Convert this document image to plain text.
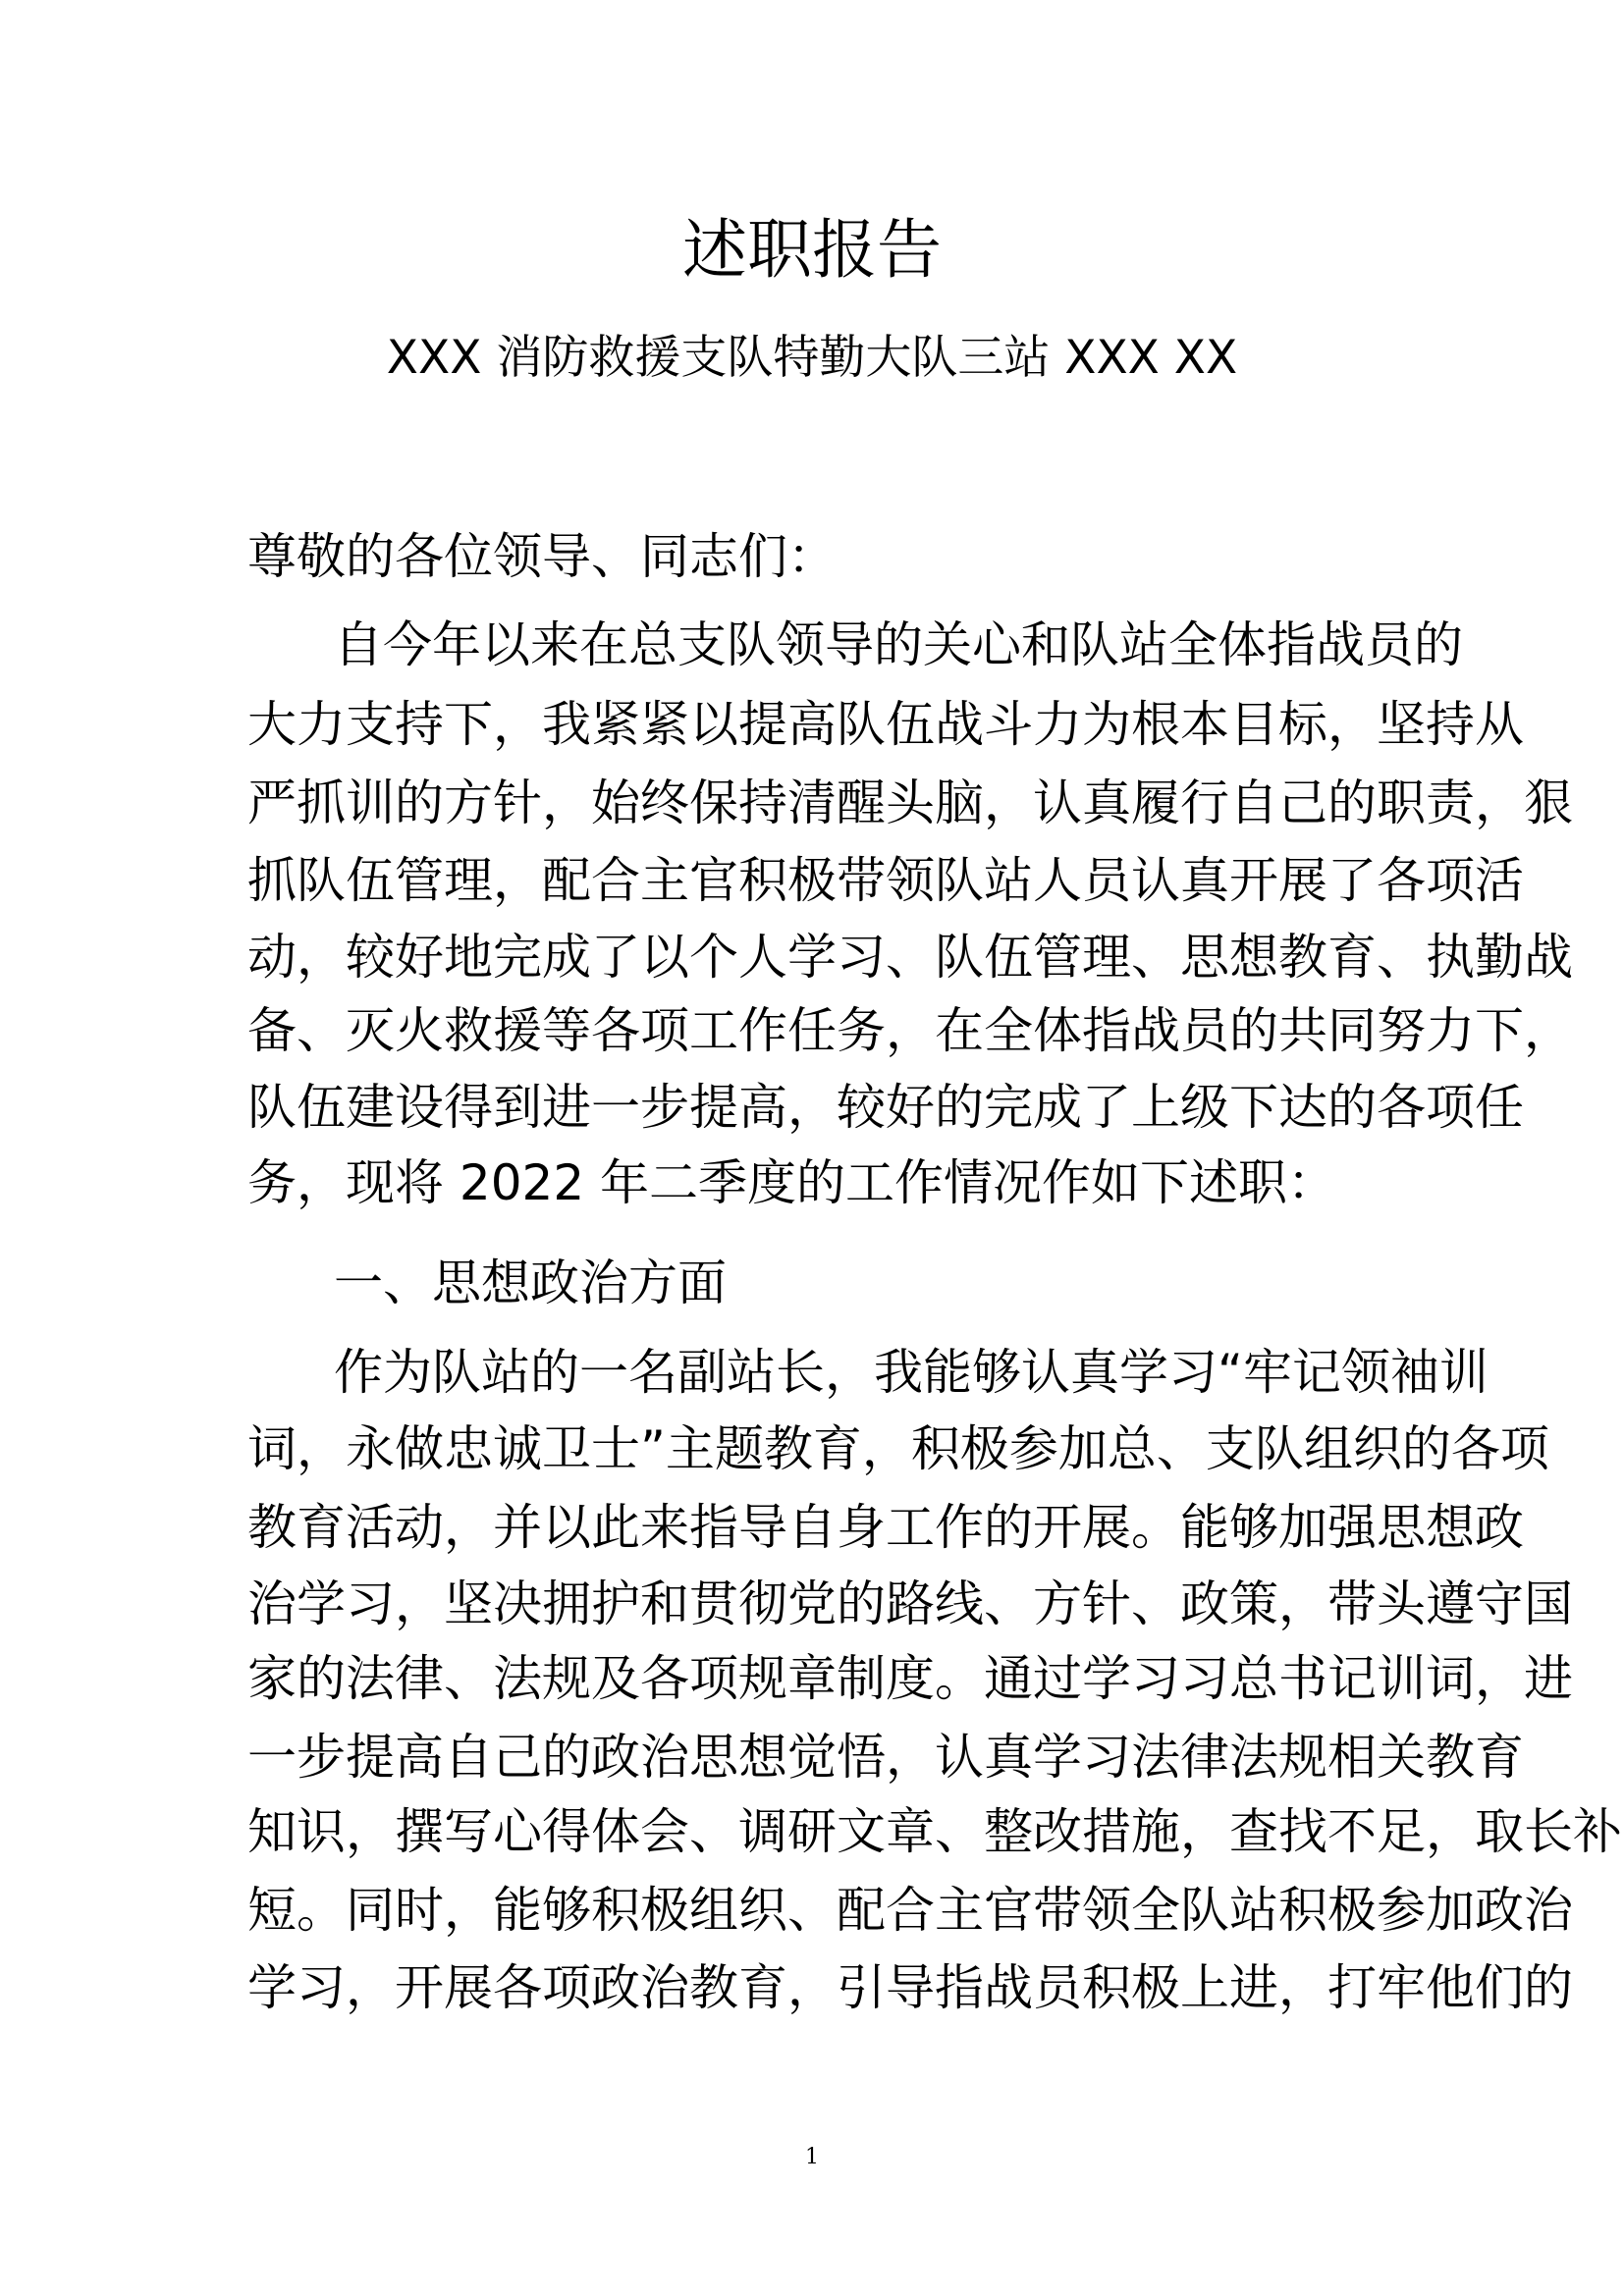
述职报告
XXX 消防救援支队特勤大队三站 XXX XX
尊敬的各位领导、同志们：
自今年以来在总支队领导的关心和队站全体指战员的
大力支持下，我紧紧以提高队伍战斗力为根本目标，坚持从
严抓训的方针，始终保持清醒头脑，认真履行自己的职责，狠
抓队伍管理，配合主官积极带领队站人员认真开展了各项活
动，较好地完成了以个人学习、队伍管理、思想教育、执勤战
备、灭火救援等各项工作任务，在全体指战员的共同努力下，
队伍建设得到进一步提高，较好的完成了上级下达的各项任
务，现将 2022 年二季度的工作情况作如下述职：
一、思想政治方面
作为队站的一名副站长，我能够认真学习“牢记领袖训
词，永做忠诚卫士”主题教育，积极参加总、支队组织的各项
教育活动，并以此来指导自身工作的开展。能够加强思想政
治学习，坚决拥护和贯彻党的路线、方针、政策，带头遵守国
家的法律、法规及各项规章制度。通过学习习总书记训词，进
一步提高自己的政治思想觉悟，认真学习法律法规相关教育
知识，撰写心得体会、调研文章、整改措施，查找不足，取长补
短。同时，能够积极组织、配合主官带领全队站积极参加政治
学习，开展各项政治教育，引导指战员积极上进，打牢他们的
1
